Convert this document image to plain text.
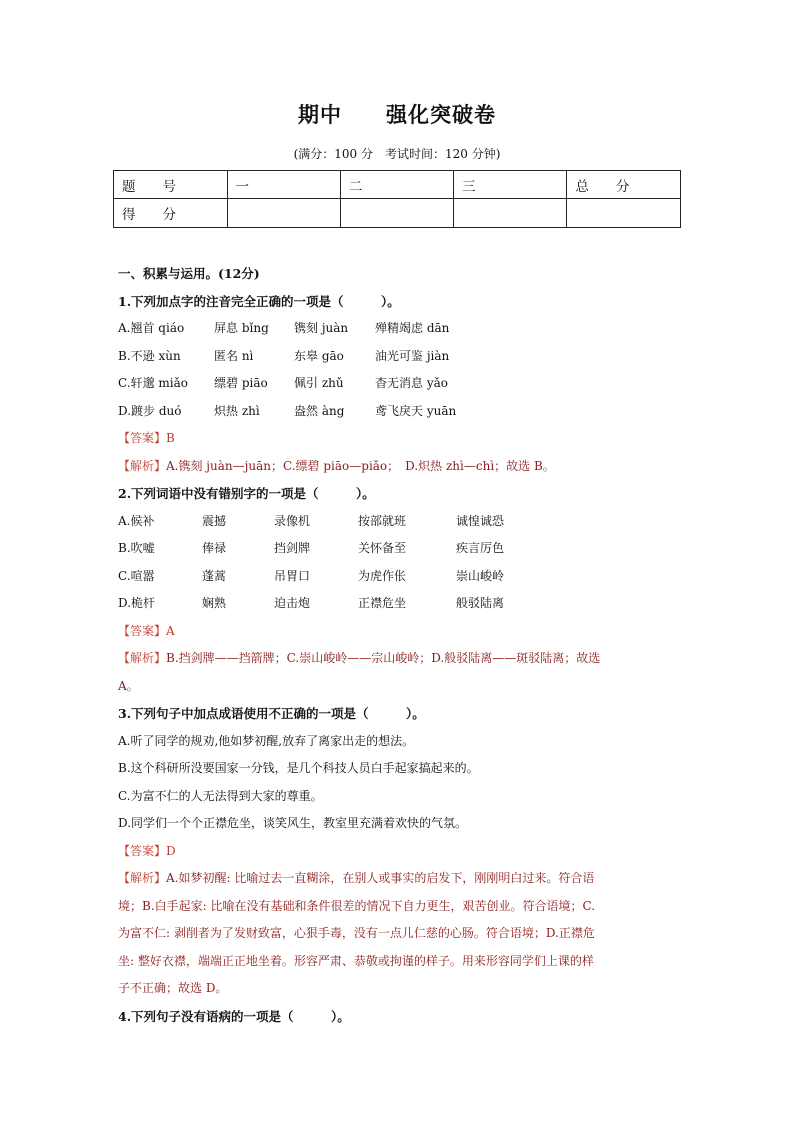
期中 强化突破卷
(满分：100 分　考试时间：120 分钟)
题　　号	一	二	三	总　　分
得　　分				
一、积累与运用。(12分)
1.下列加点字的注音完全正确的一项是（　　　）。
A.翘首 qiáo 屏息 bǐng 镌刻 juàn 殚精竭虑 dān
B.不逊 xùn	匿名 nì	东皋 gāo	油光可鉴 jiàn
C.轩邈 miǎo 缥碧 piāo 佩引 zhǔ	杳无消息 yǎo
D.踱步 duó	炽热 zhì	盎然 àng	鸢飞戾天 yuān
【答案】B
【解析】A.镌刻 juàn—juān；C.缥碧 piāo—piǎo；　D.炽热 zhì—chì；故选 B。
2.下列词语中没有错别字的一项是（　　　）。
A.候补	震撼	录像机	按部就班	诚惶诚恐
B.吹嘘	俸禄	挡剑牌	关怀备至	疾言厉色
C.喧嚣	蓬蒿	吊胃口	为虎作伥	崇山峻岭
D.桅杆	娴熟	迫击炮	正襟危坐	般驳陆离
【答案】A
【解析】B.挡剑牌——挡箭牌；C.崇山峻岭——宗山峻岭；D.般驳陆离——斑驳陆离；故选
A。
3.下列句子中加点成语使用不正确的一项是（　　　）。
A.听了同学的规劝,他如梦初醒,放弃了离家出走的想法。
B.这个科研所没要国家一分钱，是几个科技人员白手起家搞起来的。
C.为富不仁的人无法得到大家的尊重。
D.同学们一个个正襟危坐，谈笑风生，教室里充满着欢快的气氛。
【答案】D
【解析】A.如梦初醒: 比喻过去一直糊涂，在别人或事实的启发下，刚刚明白过来。符合语
境；B.白手起家: 比喻在没有基础和条件很差的情况下自力更生，艰苦创业。符合语境；C.
为富不仁: 剥削者为了发财致富，心狠手毒，没有一点儿仁慈的心肠。符合语境；D.正襟危
坐: 整好衣襟，端端正正地坐着。形容严肃、恭敬或拘谨的样子。用来形容同学们上课的样
子不正确；故选 D。
4.下列句子没有语病的一项是（　　　）。
